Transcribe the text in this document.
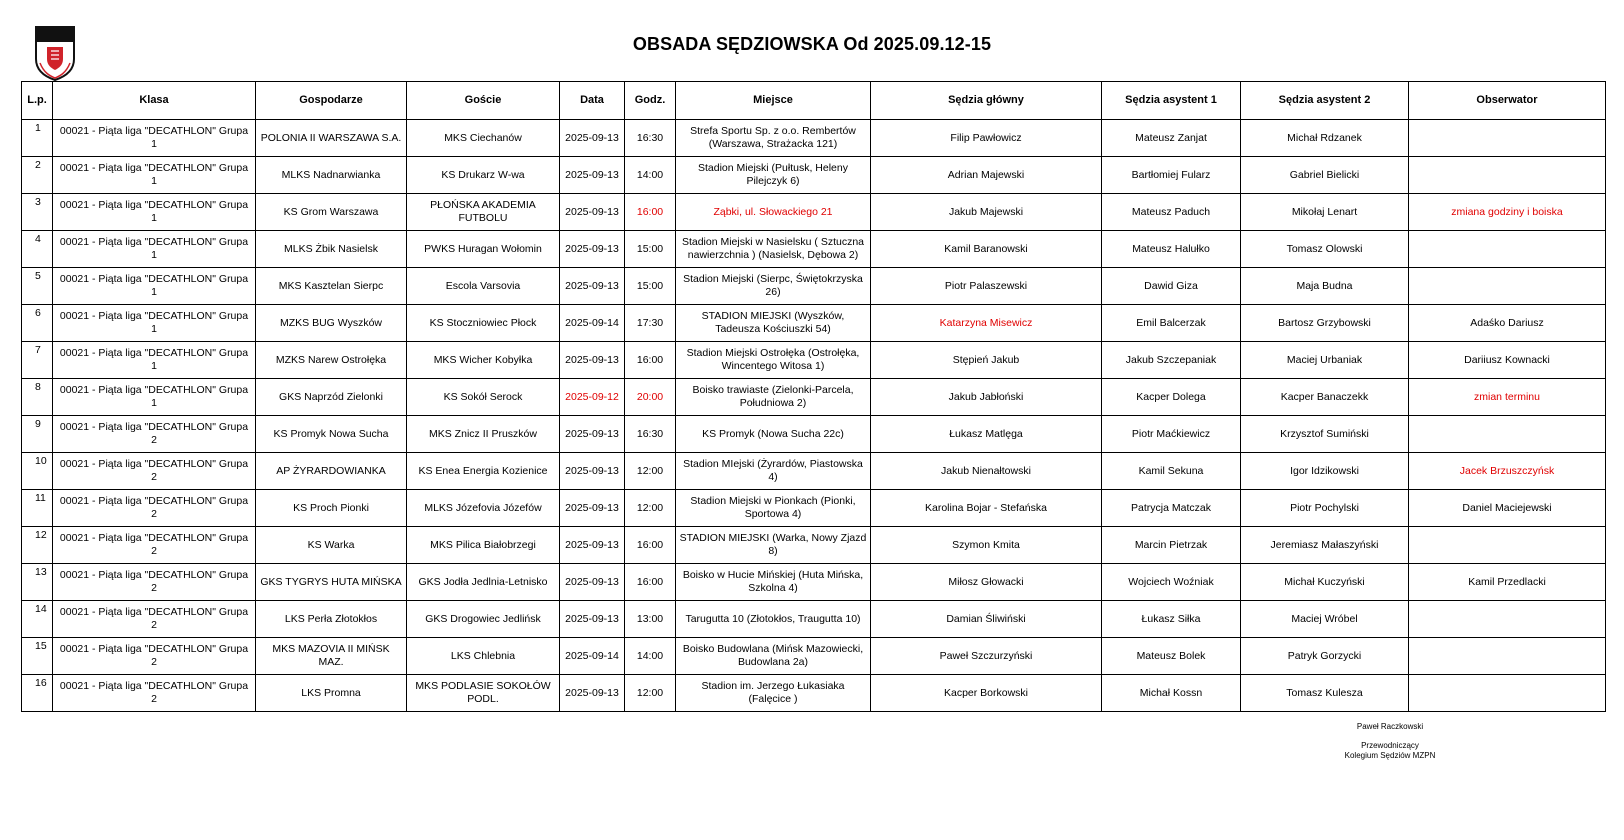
OBSADA SĘDZIOWSKA Od 2025.09.12-15
L.p.	Klasa	Gospodarze	Goście	Data	Godz.	Miejsce	Sędzia główny	Sędzia asystent 1	Sędzia asystent 2	Obserwator
1	00021 - Piąta liga "DECATHLON" Grupa 1	POLONIA II WARSZAWA S.A.	MKS Ciechanów	2025-09-13	16:30	Strefa Sportu Sp. z o.o. Rembertów (Warszawa, Strażacka 121)	Filip Pawłowicz	Mateusz Zanjat	Michał Rdzanek	
2	00021 - Piąta liga "DECATHLON" Grupa 1	MLKS Nadnarwianka	KS Drukarz W-wa	2025-09-13	14:00	Stadion Miejski (Pułtusk, Heleny Pilejczyk 6)	Adrian Majewski	Bartłomiej Fularz	Gabriel Bielicki	
3	00021 - Piąta liga "DECATHLON" Grupa 1	KS Grom Warszawa	PŁOŃSKA AKADEMIA FUTBOLU	2025-09-13	16:00	Ząbki, ul. Słowackiego 21	Jakub Majewski	Mateusz Paduch	Mikołaj Lenart	zmiana godziny i boiska
4	00021 - Piąta liga "DECATHLON" Grupa 1	MLKS Żbik Nasielsk	PWKS Huragan Wołomin	2025-09-13	15:00	Stadion Miejski w Nasielsku ( Sztuczna nawierzchnia ) (Nasielsk, Dębowa 2)	Kamil Baranowski	Mateusz Halułko	Tomasz Olowski	
5	00021 - Piąta liga "DECATHLON" Grupa 1	MKS Kasztelan Sierpc	Escola Varsovia	2025-09-13	15:00	Stadion Miejski (Sierpc, Świętokrzyska 26)	Piotr Palaszewski	Dawid Giza	Maja Budna	
6	00021 - Piąta liga "DECATHLON" Grupa 1	MZKS BUG Wyszków	KS Stoczniowiec Płock	2025-09-14	17:30	STADION MIEJSKI (Wyszków, Tadeusza Kościuszki 54)	Katarzyna Misewicz	Emil Balcerzak	Bartosz Grzybowski	Adaśko Dariusz
7	00021 - Piąta liga "DECATHLON" Grupa 1	MZKS Narew Ostrołęka	MKS Wicher Kobyłka	2025-09-13	16:00	Stadion Miejski Ostrołęka (Ostrołęka, Wincentego Witosa 1)	Stępień Jakub	Jakub Szczepaniak	Maciej Urbaniak	Dariiusz Kownacki
8	00021 - Piąta liga "DECATHLON" Grupa 1	GKS Naprzód Zielonki	KS Sokół Serock	2025-09-12	20:00	Boisko trawiaste (Zielonki-Parcela, Południowa 2)	Jakub Jabłoński	Kacper Dolega	Kacper Banaczekk	zmian terminu
9	00021 - Piąta liga "DECATHLON" Grupa 2	KS Promyk Nowa Sucha	MKS Znicz II Pruszków	2025-09-13	16:30	KS Promyk (Nowa Sucha 22c)	Łukasz Matlęga	Piotr Maćkiewicz	Krzysztof Sumiński	
10	00021 - Piąta liga "DECATHLON" Grupa 2	AP ŻYRARDOWIANKA	KS Enea Energia Kozienice	2025-09-13	12:00	Stadion MIejski (Żyrardów, Piastowska 4)	Jakub Nienałtowski	Kamil Sekuna	Igor Idzikowski	Jacek Brzuszczyńsk
11	00021 - Piąta liga "DECATHLON" Grupa 2	KS Proch Pionki	MLKS Józefovia Józefów	2025-09-13	12:00	Stadion Miejski w Pionkach (Pionki, Sportowa 4)	Karolina Bojar - Stefańska	Patrycja Matczak	Piotr Pochylski	Daniel Maciejewski
12	00021 - Piąta liga "DECATHLON" Grupa 2	KS Warka	MKS Pilica Białobrzegi	2025-09-13	16:00	STADION MIEJSKI (Warka, Nowy Zjazd 8)	Szymon Kmita	Marcin Pietrzak	Jeremiasz Małaszyński	
13	00021 - Piąta liga "DECATHLON" Grupa 2	GKS TYGRYS HUTA MIŃSKA	GKS Jodła Jedlnia-Letnisko	2025-09-13	16:00	Boisko w Hucie Mińskiej (Huta Mińska, Szkolna 4)	Miłosz Głowacki	Wojciech Woźniak	Michał Kuczyński	Kamil Przedlacki
14	00021 - Piąta liga "DECATHLON" Grupa 2	LKS Perła Złotokłos	GKS Drogowiec Jedlińsk	2025-09-13	13:00	Tarugutta 10 (Złotokłos, Traugutta 10)	Damian Śliwiński	Łukasz Siłka	Maciej Wróbel	
15	00021 - Piąta liga "DECATHLON" Grupa 2	MKS MAZOVIA II MIŃSK MAZ.	LKS Chlebnia	2025-09-14	14:00	Boisko Budowlana (Mińsk Mazowiecki, Budowlana 2a)	Paweł Szczurzyński	Mateusz Bolek	Patryk Gorzycki	
16	00021 - Piąta liga "DECATHLON" Grupa 2	LKS Promna	MKS PODLASIE SOKOŁÓW PODL.	2025-09-13	12:00	Stadion im. Jerzego Łukasiaka (Falęcice )	Kacper Borkowski	Michał Kossn	Tomasz Kulesza	
Paweł Raczkowski
Przewodniczący
Kolegium Sędziów MZPN
